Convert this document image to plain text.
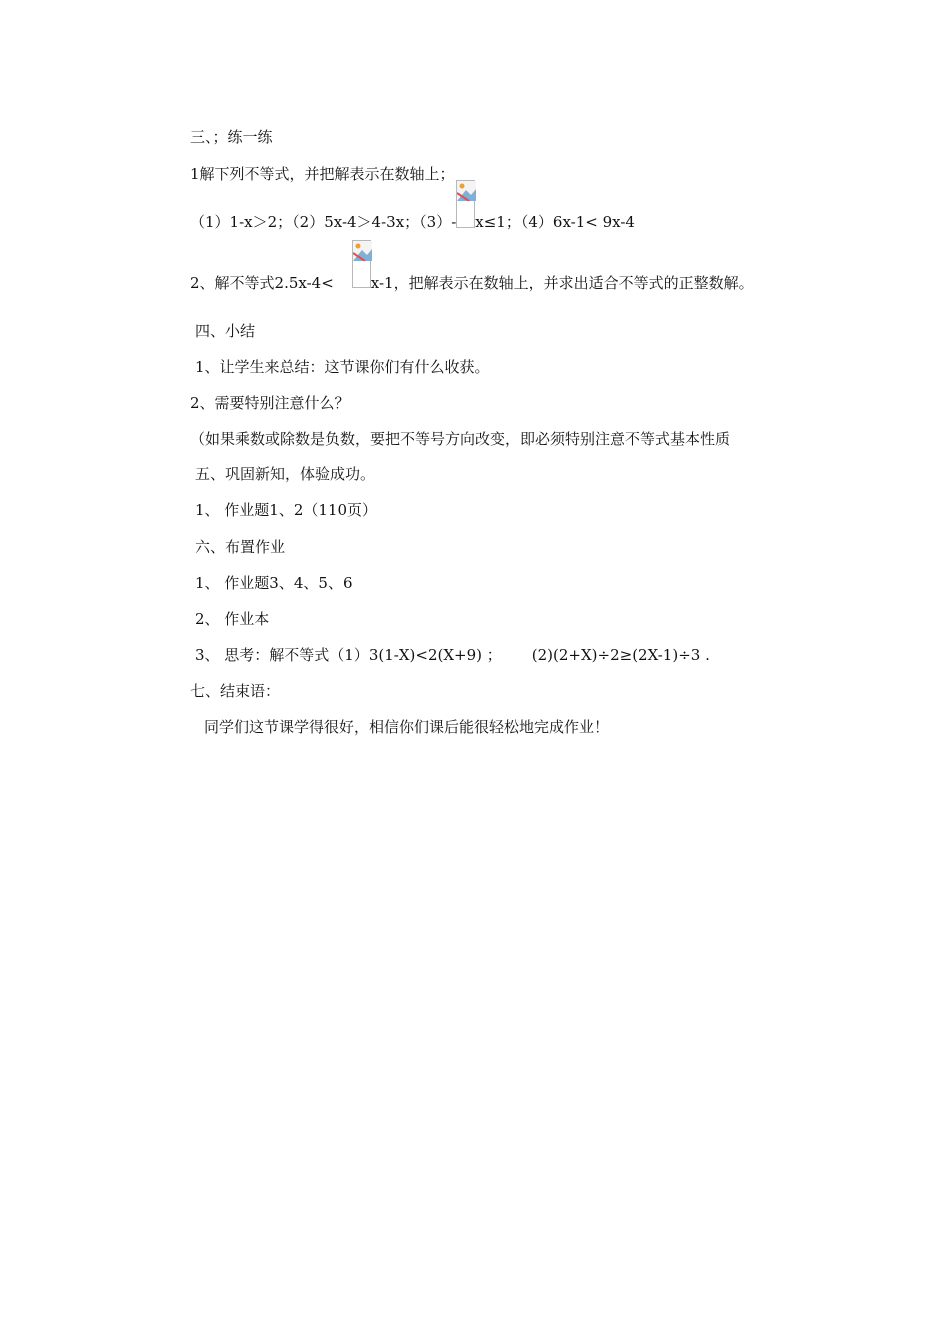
三、；练一练
1解下列不等式，并把解表示在数轴上；
（1）1-x＞2；（2）5x-4＞4-3x；（3）- x≤1；（4）6x-1< 9x-4
2、解不等式2.5x-4< x-1，把解表示在数轴上，并求出适合不等式的正整数解。
四、小结
1、让学生来总结：这节课你们有什么收获。
2、需要特别注意什么？
（如果乘数或除数是负数，要把不等号方向改变，即必须特别注意不等式基本性质
五、巩固新知，体验成功。
1、 作业题1、2（110页）
六、布置作业
1、 作业题3、4、5、6
2、 作业本
3、 思考：解不等式（1）3(1-X)<2(X+9) ； (2)(2+X)÷2≥(2X-1)÷3 .
七、结束语：
同学们这节课学得很好，相信你们课后能很轻松地完成作业！
